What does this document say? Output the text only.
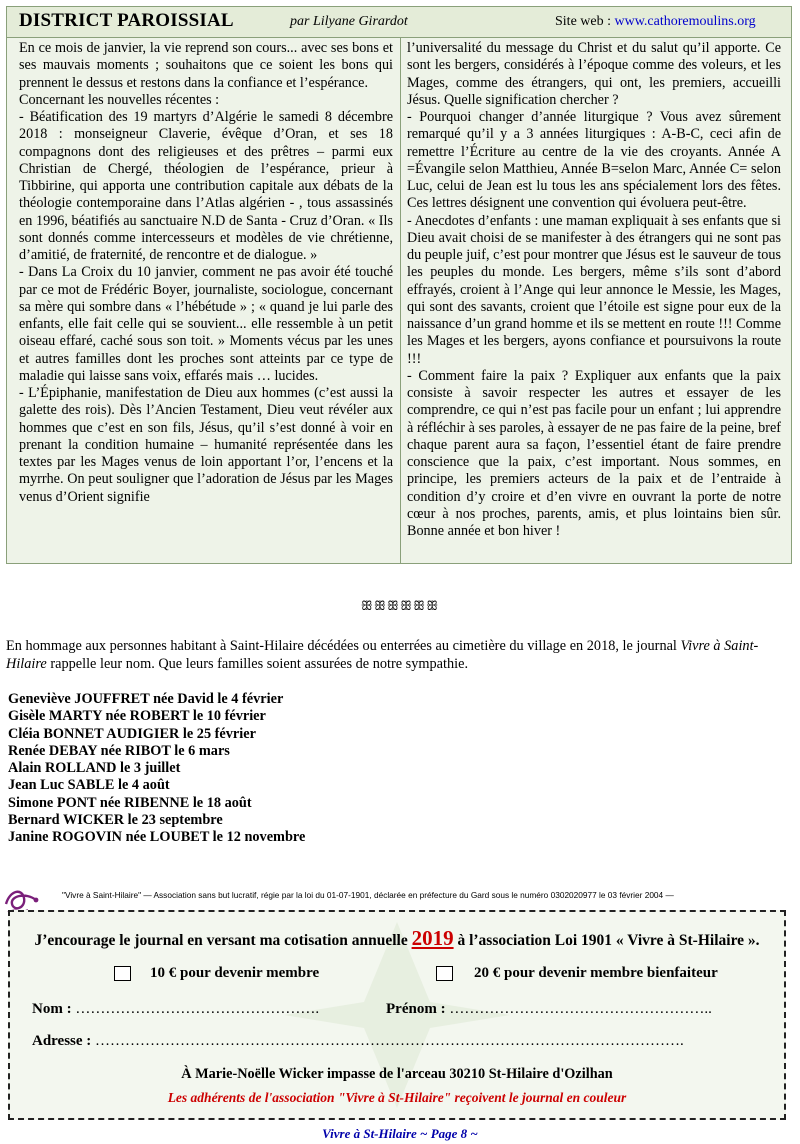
DISTRICT PAROISSIAL	par Lilyane Girardot	Site web : www.cathoremoulins.org

En ce mois de janvier, la vie reprend son cours... avec ses bons et ses mauvais moments ; souhaitons que ce soient les bons qui prennent le dessus et restons dans la confiance et l’espérance.

Concernant les nouvelles récentes :

- Béatification des 19 martyrs d’Algérie le samedi 8 décembre 2018 : monseigneur Claverie, évêque d’Oran, et ses 18 compagnons dont des religieuses et des prêtres – parmi eux Christian de Chergé, théologien de l’espérance, prieur à Tibbirine, qui apporta une contribution capitale aux débats de la théologie contemporaine dans l’Atlas algérien - , tous assassinés en 1996, béatifiés au sanctuaire N.D de Santa - Cruz d’Oran. « Ils sont donnés comme intercesseurs et modèles de vie chrétienne, d’amitié, de fraternité, de rencontre et de dialogue. »

- Dans La Croix du 10 janvier, comment ne pas avoir été touché par ce mot de Frédéric Boyer, journaliste, sociologue, concernant sa mère qui sombre dans « l’hébétude » ; « quand je lui parle des enfants, elle fait celle qui se souvient... elle ressemble à un petit oiseau effaré, caché sous son toit. » Moments vécus par les unes et autres familles dont les proches sont atteints par ce type de maladie qui laisse sans voix, effarés mais … lucides.

- L’Épiphanie, manifestation de Dieu aux hommes (c’est aussi la galette des rois). Dès l’Ancien Testament, Dieu veut révéler aux hommes que c’est en son fils, Jésus, qu’il s’est donné à voir en prenant la condition humaine – humanité représentée dans les textes par les Mages venus de loin apportant l’or, l’encens et la myrrhe. On peut souligner que l’adoration de Jésus par les Mages venus d’Orient signifie

l’universalité du message du Christ et du salut qu’il apporte. Ce sont les bergers, considérés à l’époque comme des voleurs, et les Mages, comme des étrangers, qui ont, les premiers, accueilli Jésus. Quelle signification chercher ?

- Pourquoi changer d’année liturgique ? Vous avez sûrement remarqué qu’il y a 3 années liturgiques : A-B-C, ceci afin de remettre l’Écriture au centre de la vie des croyants. Année A =Évangile selon Matthieu, Année B=selon Marc, Année C= selon Luc, celui de Jean est lu tous les ans spécialement lors des fêtes. Ces lettres désignent une convention qui évoluera peut-être.

- Anecdotes d’enfants : une maman expliquait à ses enfants que si Dieu avait choisi de se manifester à des étrangers qui ne sont pas du peuple juif, c’est pour montrer que Jésus est le sauveur de tous les peuples du monde. Les bergers, même s’ils sont d’abord effrayés, croient à l’Ange qui leur annonce le Messie, les Mages, qui sont des savants, croient que l’étoile est signe pour eux de la naissance d’un grand homme et ils se mettent en route !!! Comme les Mages et les bergers, ayons confiance et poursuivons la route !!!

- Comment faire la paix ? Expliquer aux enfants que la paix consiste à savoir respecter les autres et essayer de les comprendre, ce qui n’est pas facile pour un enfant ; lui apprendre à réfléchir à ses paroles, à essayer de ne pas faire de la peine, bref chaque parent aura sa façon, l’essentiel étant de faire prendre conscience que la paix, c’est important. Nous sommes, en principe, les premiers acteurs de la paix et de l’entraide à condition d’y croire et d’en vivre en ouvrant la porte de notre cœur à nos proches, parents, amis, et plus lointains bien sûr. Bonne année et bon hiver !

ꕥꕥꕥꕥꕥꕥ
En hommage aux personnes habitant à Saint-Hilaire décédées ou enterrées au cimetière du village en 2018, le journal Vivre à Saint-Hilaire rappelle leur nom. Que leurs familles soient assurées de notre sympathie.
Geneviève JOUFFRET née David le 4 février
Gisèle MARTY née ROBERT le 10 février
Cléia BONNET AUDIGIER le 25 février
Renée DEBAY née RIBOT le 6 mars
Alain ROLLAND le 3 juillet
Jean Luc SABLE le 4 août
Simone PONT née RIBENNE le 18 août
Bernard WICKER le 23 septembre
Janine ROGOVIN née LOUBET le 12 novembre
"Vivre à Saint-Hilaire" — Association sans but lucratif, régie par la loi du 01-07-1901, déclarée en préfecture du Gard sous le numéro 0302020977 le 03 février 2004 —
J’encourage le journal en versant ma cotisation annuelle 2019 à l’association Loi 1901 « Vivre à St-Hilaire ».
10 € pour devenir membre	20 € pour devenir membre bienfaiteur
Nom : ………………………………………….	Prénom : ……………………………………………..
Adresse : ……………………………………………………………………………………………………….
À Marie-Noëlle Wicker impasse de l'arceau 30210 St-Hilaire d'Ozilhan
Les adhérents de l'association "Vivre à St-Hilaire" reçoivent le journal en couleur
Vivre à St-Hilaire ~ Page 8 ~
